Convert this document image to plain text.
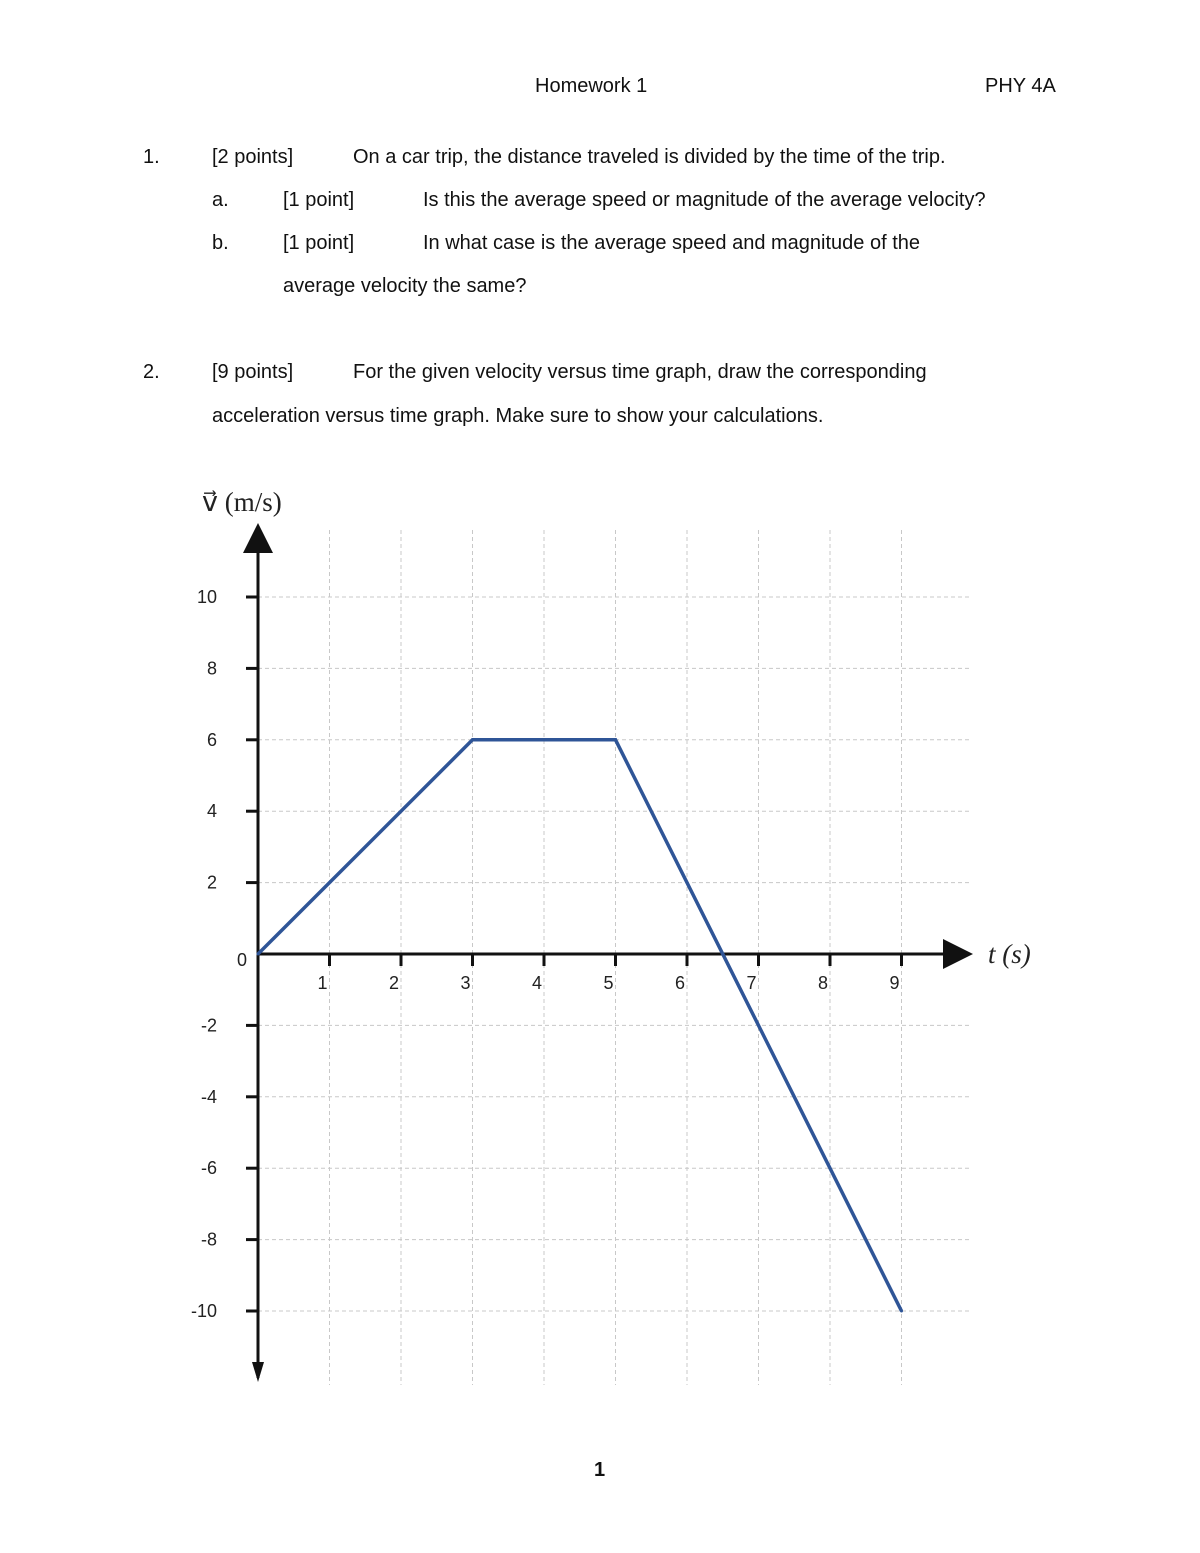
Homework 1	PHY 4A
1.	[2 points]	On a car trip, the distance traveled is divided by the time of the trip.
a.	[1 point]	Is this the average speed or magnitude of the average velocity?
b.	[1 point]	In what case is the average speed and magnitude of the
average velocity the same?
2.	[9 points]	For the given velocity versus time graph, draw the corresponding
acceleration versus time graph. Make sure to show your calculations.
10
8
6
4
2
0
-2
-4
-6
-8
-10
1	2	3	4	5	6	7	8	9
v⃗ (m/s)
t (s)
1
